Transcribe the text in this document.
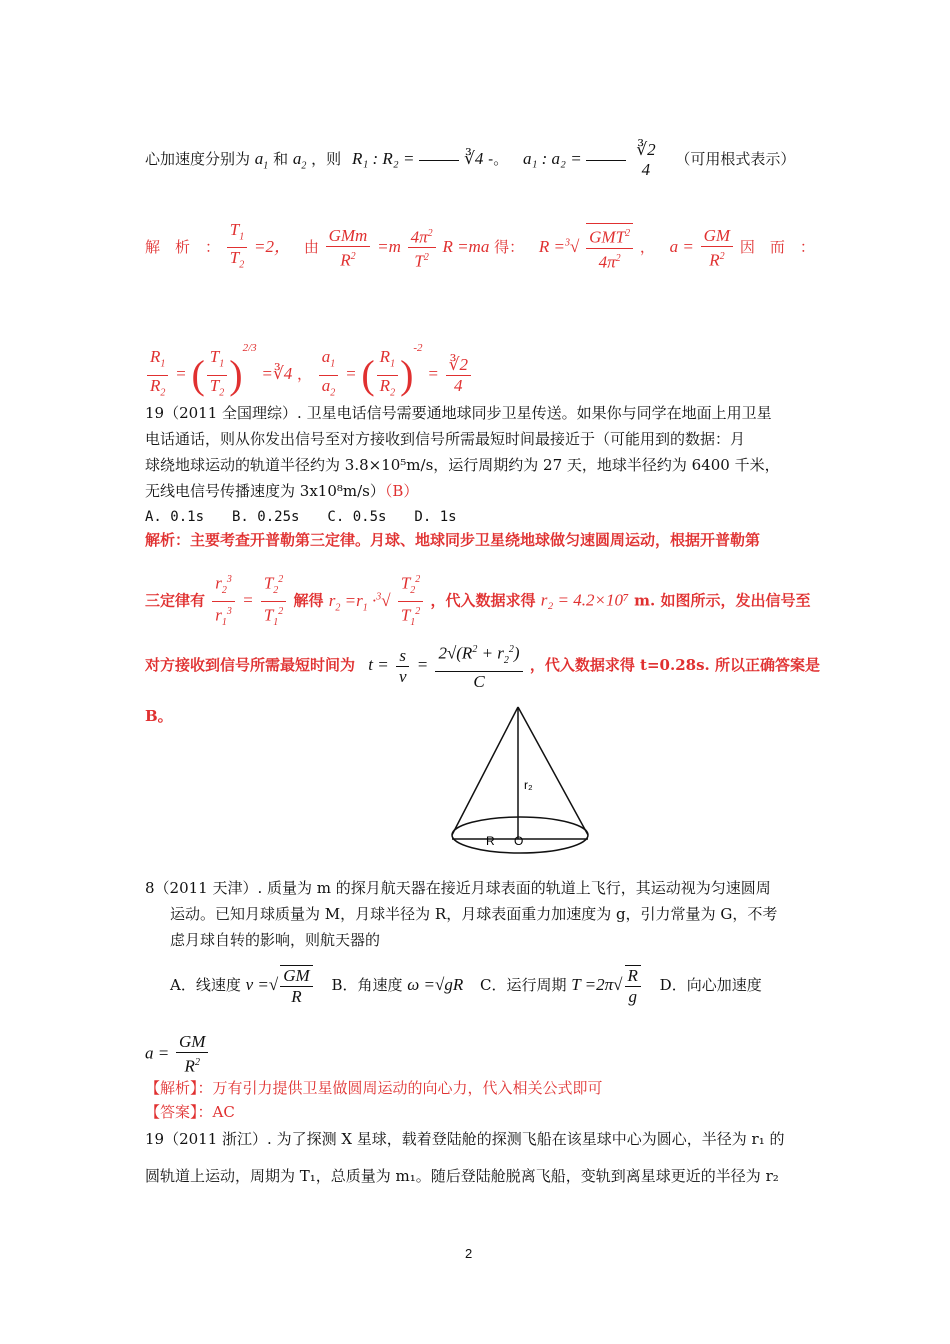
心加速度分别为 $a_1$ 和 $a_2$ ，则 R₁ : R₂ =	∛4 -。 a₁ : a₂ =	∛2
4
（可用根式表示）
解　析　： $\frac{T_1}{T_2} =2$， 由 $\frac{\text{GMm}}{R^2} =m \frac{4\pi^2}{T^2}$ R =ma 得： $R =^3√ \frac{GMT^2}{4\pi^2}$ ， $a = \frac{GM}{R^2}$ 因　而　：
$\frac{R_1}{R_2}$ = ( $\frac{T_1}{T_2} )^{2/3}$ =∛4 ， $\frac{a_1}{a_2}$ = ( $\frac{R_1}{R_2} )^{-2} = \frac{∛2}{4}$
19（2011 全国理综）. 卫星电话信号需要通地球同步卫星传送。如果你与同学在地面上用卫星
电话通话，则从你发出信号至对方接收到信号所需最短时间最接近于（可能用到的数据：月
球绕地球运动的轨道半径约为 3.8×10⁵m/s，运行周期约为 27 天，地球半径约为 6400 千米，
无线电信号传播速度为 3x10⁸m/s）（B）
A. 0.1s　　B. 0.25s　　C. 0.5s　　D. 1s
解析：主要考查开普勒第三定律。月球、地球同步卫星绕地球做匀速圆周运动，根据开普勒第
三定律有 $\frac{r_2^3}{r_1^3} = \frac{T_2^2}{T_1^2}$ 解得 $r_2 =r_1 \cdot^3√ \frac{T_2^2}{T_1^2}$ ，代入数据求得 r₂ = 4.2×10⁷ m. 如图所示，发出信号至
对方接收到信号所需最短时间为 $t = \frac{s}{v} = \frac{2√(R^2 + r_2^2)}{C}$ ，代入数据求得 t=0.28s. 所以正确答案是
B。
r₂
R O
8（2011 天津）. 质量为 m 的探月航天器在接近月球表面的轨道上飞行，其运动视为匀速圆周
运动。已知月球质量为 M，月球半径为 R，月球表面重力加速度为 g，引力常量为 G，不考
虑月球自转的影响，则航天器的
A．线速度 v =√ $\frac{GM}{R}$ B．角速度 ω =√gR C．运行周期 $T =2\pi√ \frac{R}{g}$ D．向心加速度
$a = \frac{GM}{R^2}$
【解析】：万有引力提供卫星做圆周运动的向心力，代入相关公式即可
【答案】：AC
19（2011 浙江）. 为了探测 X 星球，载着登陆舱的探测飞船在该星球中心为圆心，半径为 r₁ 的
圆轨道上运动，周期为 T₁，总质量为 m₁。随后登陆舱脱离飞船，变轨到离星球更近的半径为 r₂
2
